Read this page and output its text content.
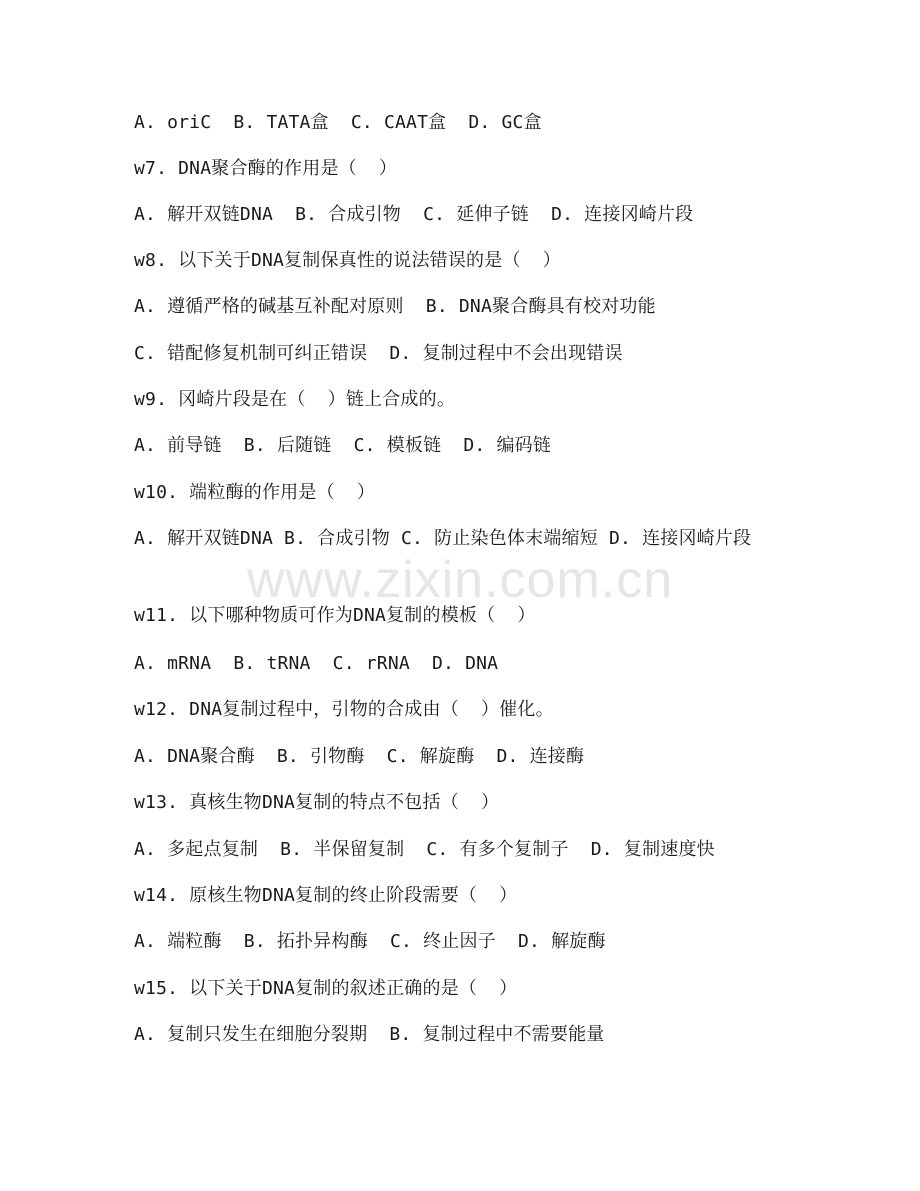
www.zixin.com.cn
A. oriC  B. TATA盒  C. CAAT盒  D. GC盒
w7. DNA聚合酶的作用是（  ）
A. 解开双链DNA  B. 合成引物  C. 延伸子链  D. 连接冈崎片段
w8. 以下关于DNA复制保真性的说法错误的是（  ）
A. 遵循严格的碱基互补配对原则  B. DNA聚合酶具有校对功能
C. 错配修复机制可纠正错误  D. 复制过程中不会出现错误
w9. 冈崎片段是在（  ）链上合成的。
A. 前导链  B. 后随链  C. 模板链  D. 编码链
w10. 端粒酶的作用是（  ）
A. 解开双链DNA B. 合成引物 C. 防止染色体末端缩短 D. 连接冈崎片段
w11. 以下哪种物质可作为DNA复制的模板（  ）
A. mRNA  B. tRNA  C. rRNA  D. DNA
w12. DNA复制过程中，引物的合成由（  ）催化。
A. DNA聚合酶  B. 引物酶  C. 解旋酶  D. 连接酶
w13. 真核生物DNA复制的特点不包括（  ）
A. 多起点复制  B. 半保留复制  C. 有多个复制子  D. 复制速度快
w14. 原核生物DNA复制的终止阶段需要（  ）
A. 端粒酶  B. 拓扑异构酶  C. 终止因子  D. 解旋酶
w15. 以下关于DNA复制的叙述正确的是（  ）
A. 复制只发生在细胞分裂期  B. 复制过程中不需要能量
